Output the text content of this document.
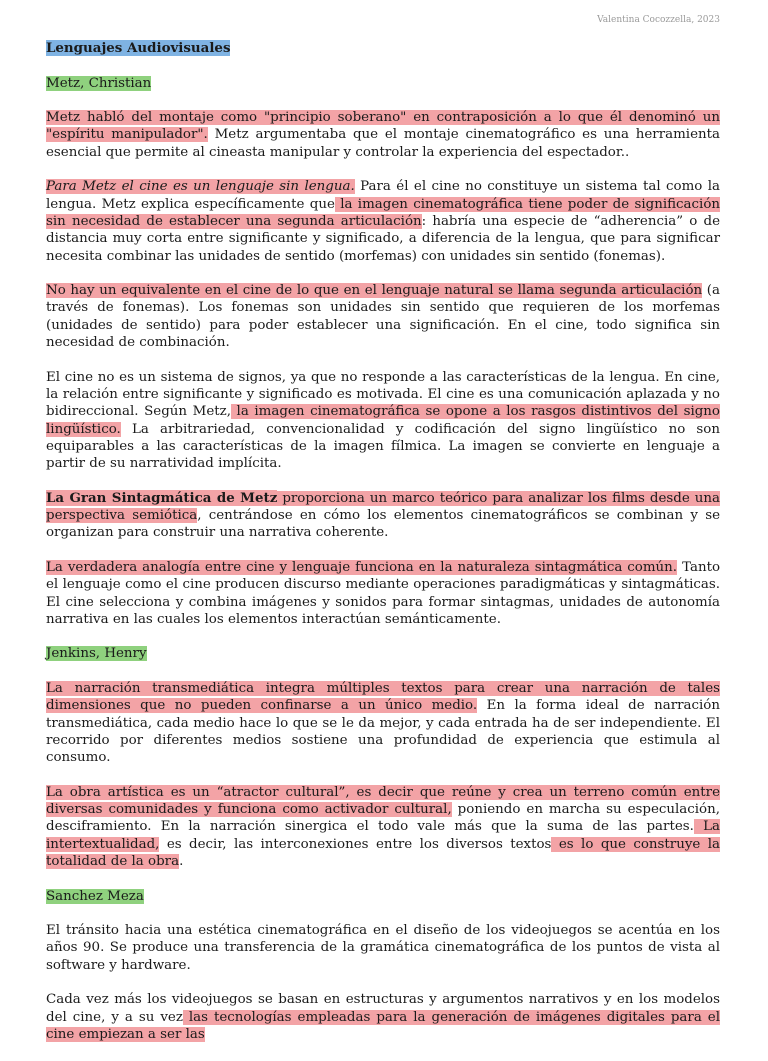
Valentina Cocozzella, 2023

Lenguajes Audiovisuales

Metz, Christian

Metz habló del montaje como "principio soberano" en contraposición a lo que él denominó un "espíritu manipulador". Metz argumentaba que el montaje cinematográfico es una herramienta esencial que permite al cineasta manipular y controlar la experiencia del espectador..

Para Metz el cine es un lenguaje sin lengua. Para él el cine no constituye un sistema tal como la lengua. Metz explica específicamente que la imagen cinematográfica tiene poder de significación sin necesidad de establecer una segunda articulación: habría una especie de “adherencia” o de distancia muy corta entre significante y significado, a diferencia de la lengua, que para significar necesita combinar las unidades de sentido (morfemas) con unidades sin sentido (fonemas).

No hay un equivalente en el cine de lo que en el lenguaje natural se llama segunda articulación (a través de fonemas). Los fonemas son unidades sin sentido que requieren de los morfemas (unidades de sentido) para poder establecer una significación. En el cine, todo significa sin necesidad de combinación.

El cine no es un sistema de signos, ya que no responde a las características de la lengua. En cine, la relación entre significante y significado es motivada. El cine es una comunicación aplazada y no bidireccional. Según Metz, la imagen cinematográfica se opone a los rasgos distintivos del signo lingüístico. La arbitrariedad, convencionalidad y codificación del signo lingüístico no son equiparables a las características de la imagen fílmica. La imagen se convierte en lenguaje a partir de su narratividad implícita.

La Gran Sintagmática de Metz proporciona un marco teórico para analizar los films desde una perspectiva semiótica, centrándose en cómo los elementos cinematográficos se combinan y se organizan para construir una narrativa coherente.

La verdadera analogía entre cine y lenguaje funciona en la naturaleza sintagmática común. Tanto el lenguaje como el cine producen discurso mediante operaciones paradigmáticas y sintagmáticas. El cine selecciona y combina imágenes y sonidos para formar sintagmas, unidades de autonomía narrativa en las cuales los elementos interactúan semánticamente.

Jenkins, Henry

La narración transmediática integra múltiples textos para crear una narración de tales dimensiones que no pueden confinarse a un único medio. En la forma ideal de narración transmediática, cada medio hace lo que se le da mejor, y cada entrada ha de ser independiente. El recorrido por diferentes medios sostiene una profundidad de experiencia que estimula al consumo.

La obra artística es un “atractor cultural”, es decir que reúne y crea un terreno común entre diversas comunidades y funciona como activador cultural, poniendo en marcha su especulación, desciframiento. En la narración sinergica el todo vale más que la suma de las partes. La intertextualidad, es decir, las interconexiones entre los diversos textos es lo que construye la totalidad de la obra.

Sanchez Meza

El tránsito hacia una estética cinematográfica en el diseño de los videojuegos se acentúa en los años 90. Se produce una transferencia de la gramática cinematográfica de los puntos de vista al software y hardware.

Cada vez más los videojuegos se basan en estructuras y argumentos narrativos y en los modelos del cine, y a su vez las tecnologías empleadas para la generación de imágenes digitales para el cine empiezan a ser las
